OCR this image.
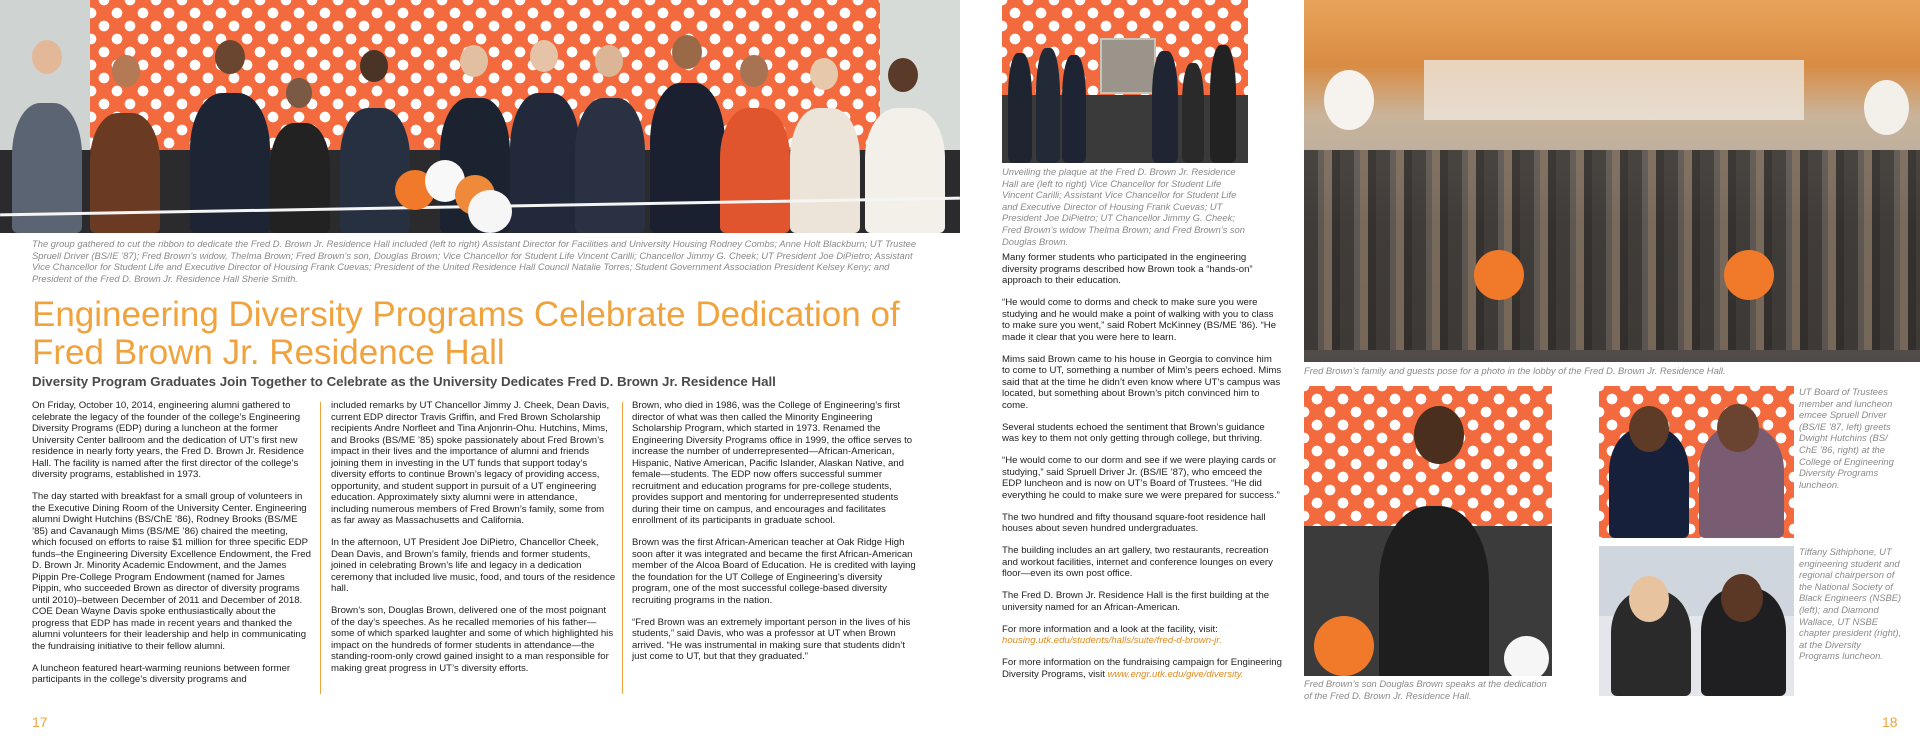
The group gathered to cut the ribbon to dedicate the Fred D. Brown Jr. Residence Hall included (left to right) Assistant Director for Facilities and University Housing Rodney Combs; Anne Holt Blackburn; UT Trustee Spruell Driver (BS/IE ’87); Fred Brown’s widow, Thelma Brown; Fred Brown’s son, Douglas Brown; Vice Chancellor for Student Life Vincent Carilli; Chancellor Jimmy G. Cheek; UT President Joe DiPietro; Assistant Vice Chancellor for Student Life and Executive Director of Housing Frank Cuevas; President of the United Residence Hall Council Natalie Torres; Student Government Association President Kelsey Keny; and President of the Fred D. Brown Jr. Residence Hall Sherie Smith.

Engineering Diversity Programs Celebrate Dedication of Fred Brown Jr. Residence Hall
Diversity Program Graduates Join Together to Celebrate as the University Dedicates Fred D. Brown Jr. Residence Hall

On Friday, October 10, 2014, engineering alumni gathered to celebrate the legacy of the founder of the college’s Engineering Diversity Programs (EDP) during a luncheon at the former University Center ballroom and the dedication of UT’s first new residence in nearly forty years, the Fred D. Brown Jr. Residence Hall. The facility is named after the first director of the college’s diversity programs, established in 1973.

The day started with breakfast for a small group of volunteers in the Executive Dining Room of the University Center. Engineering alumni Dwight Hutchins (BS/ChE ’86), Rodney Brooks (BS/ME ’85) and Cavanaugh Mims (BS/ME ’86) chaired the meeting, which focused on efforts to raise $1 million for three specific EDP funds–the Engineering Diversity Excellence Endowment, the Fred D. Brown Jr. Minority Academic Endowment, and the James Pippin Pre-College Program Endowment (named for James Pippin, who succeeded Brown as director of diversity programs until 2010)–between December of 2011 and December of 2018. COE Dean Wayne Davis spoke enthusiastically about the progress that EDP has made in recent years and thanked the alumni volunteers for their leadership and help in communicating the fundraising initiative to their fellow alumni.

A luncheon featured heart-warming reunions between former participants in the college’s diversity programs and

included remarks by UT Chancellor Jimmy J. Cheek, Dean Davis, current EDP director Travis Griffin, and Fred Brown Scholarship recipients Andre Norfleet and Tina Anjonrin-Ohu. Hutchins, Mims, and Brooks (BS/ME ’85) spoke passionately about Fred Brown’s impact in their lives and the importance of alumni and friends joining them in investing in the UT funds that support today’s diversity efforts to continue Brown’s legacy of providing access, opportunity, and student support in pursuit of a UT engineering education. Approximately sixty alumni were in attendance, including numerous members of Fred Brown’s family, some from as far away as Massachusetts and California.

In the afternoon, UT President Joe DiPietro, Chancellor Cheek, Dean Davis, and Brown’s family, friends and former students, joined in celebrating Brown’s life and legacy in a dedication ceremony that included live music, food, and tours of the residence hall.

Brown’s son, Douglas Brown, delivered one of the most poignant of the day’s speeches. As he recalled memories of his father—some of which sparked laughter and some of which highlighted his impact on the hundreds of former students in attendance—the standing-room-only crowd gained insight to a man responsible for making great progress in UT’s diversity efforts.

Brown, who died in 1986, was the College of Engineering’s first director of what was then called the Minority Engineering Scholarship Program, which started in 1973. Renamed the Engineering Diversity Programs office in 1999, the office serves to increase the number of underrepresented—African-American, Hispanic, Native American, Pacific Islander, Alaskan Native, and female—students. The EDP now offers successful summer recruitment and education programs for pre-college students, provides support and mentoring for underrepresented students during their time on campus, and encourages and facilitates enrollment of its participants in graduate school.

Brown was the first African-American teacher at Oak Ridge High soon after it was integrated and became the first African-American member of the Alcoa Board of Education. He is credited with laying the foundation for the UT College of Engineering’s diversity program, one of the most successful college-based diversity recruiting programs in the nation.

“Fred Brown was an extremely important person in the lives of his students,” said Davis, who was a professor at UT when Brown arrived. “He was instrumental in making sure that students didn’t just come to UT, but that they graduated.”

17

Unveiling the plaque at the Fred D. Brown Jr. Residence Hall are (left to right) Vice Chancellor for Student Life Vincent Carilli; Assistant Vice Chancellor for Student Life and Executive Director of Housing Frank Cuevas; UT President Joe DiPietro; UT Chancellor Jimmy G. Cheek; Fred Brown’s widow Thelma Brown; and Fred Brown’s son Douglas Brown.

Many former students who participated in the engineering diversity programs described how Brown took a “hands-on” approach to their education.

“He would come to dorms and check to make sure you were studying and he would make a point of walking with you to class to make sure you went,” said Robert McKinney (BS/ME ’86). “He made it clear that you were here to learn.

Mims said Brown came to his house in Georgia to convince him to come to UT, something a number of Mim’s peers echoed. Mims said that at the time he didn’t even know where UT’s campus was located, but something about Brown’s pitch convinced him to come.

Several students echoed the sentiment that Brown’s guidance was key to them not only getting through college, but thriving.

“He would come to our dorm and see if we were playing cards or studying,” said Spruell Driver Jr. (BS/IE ’87), who emceed the EDP luncheon and is now on UT’s Board of Trustees. “He did everything he could to make sure we were prepared for success.”

The two hundred and fifty thousand square-foot residence hall houses about seven hundred undergraduates.

The building includes an art gallery, two restaurants, recreation and workout facilities, internet and conference lounges on every floor—even its own post office.

The Fred D. Brown Jr. Residence Hall is the first building at the university named for an African-American.

For more information and a look at the facility, visit: housing.utk.edu/students/halls/suite/fred-d-brown-jr.

For more information on the fundraising campaign for Engineering Diversity Programs, visit www.engr.utk.edu/give/diversity.

Fred Brown’s family and guests pose for a photo in the lobby of the Fred D. Brown Jr. Residence Hall.

Fred Brown’s son Douglas Brown speaks at the dedication of the Fred D. Brown Jr. Residence Hall.

UT Board of Trustees member and luncheon emcee Spruell Driver (BS/IE ’87, left) greets Dwight Hutchins (BS/ ChE ’86, right) at the College of Engineering Diversity Programs luncheon.

Tiffany Sithiphone, UT engineering student and regional chairperson of the National Society of Black Engineers (NSBE) (left); and Diamond Wallace, UT NSBE chapter president (right), at the Diversity Programs luncheon.

18
